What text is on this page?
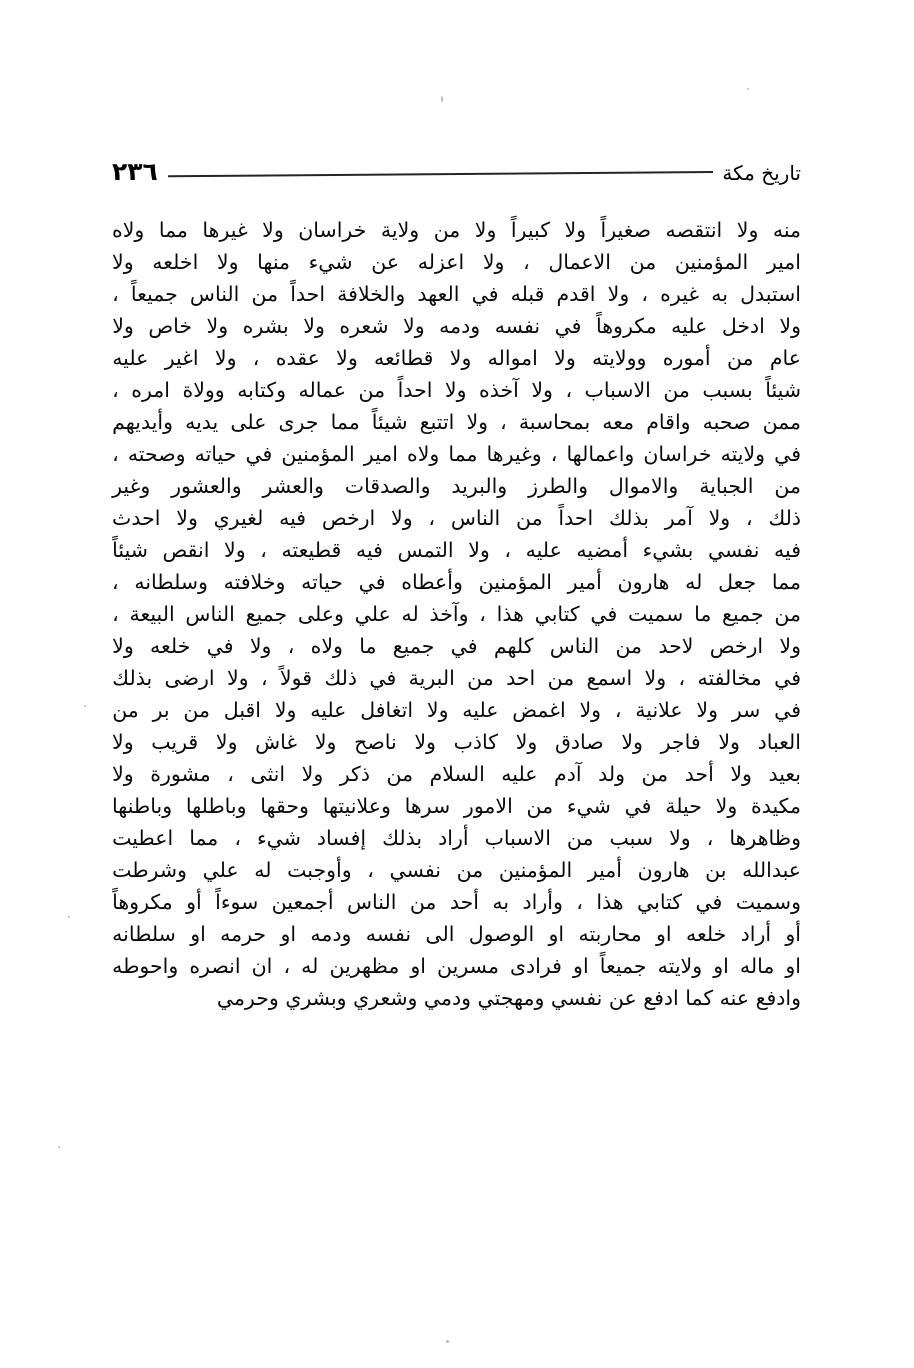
٢٣٦	تاريخ مكة
منه
ولا
انتقصه
صغيراً
ولا
كبيراً
ولا
من
ولاية
خراسان
ولا
غيرها
مما
ولاه
امير
المؤمنين
من
الاعمال
،
ولا
اعزله
عن
شيء
منها
ولا
اخلعه
ولا
استبدل
به
غيره
،
ولا
اقدم
قبله
في
العهد
والخلافة
احداً
من
الناس
جميعاً
،
ولا
ادخل
عليه
مكروهاً
في
نفسه
ودمه
ولا
شعره
ولا
بشره
ولا
خاص
ولا
عام
من
أموره
وولايته
ولا
امواله
ولا
قطائعه
ولا
عقده
،
ولا
اغير
عليه
شيئاً
بسبب
من
الاسباب
،
ولا
آخذه
ولا
احداً
من
عماله
وكتابه
وولاة
امره
،
ممن
صحبه
واقام
معه
بمحاسبة
،
ولا
اتتبع
شيئاً
مما
جرى
على
يديه
وأيديهم
في
ولايته
خراسان
واعمالها
،
وغيرها
مما
ولاه
امير
المؤمنين
في
حياته
وصحته
،
من
الجباية
والاموال
والطرز
والبريد
والصدقات
والعشر
والعشور
وغير
ذلك
،
ولا
آمر
بذلك
احداً
من
الناس
،
ولا
ارخص
فيه
لغيري
ولا
احدث
فيه
نفسي
بشيء
أمضيه
عليه
،
ولا
التمس
فيه
قطيعته
،
ولا
انقص
شيئاً
مما
جعل
له
هارون
أمير
المؤمنين
وأعطاه
في
حياته
وخلافته
وسلطانه
،
من
جميع
ما
سميت
في
كتابي
هذا
،
وآخذ
له
علي
وعلى
جميع
الناس
البيعة
،
ولا
ارخص
لاحد
من
الناس
كلهم
في
جميع
ما
ولاه
،
ولا
في
خلعه
ولا
في
مخالفته
،
ولا
اسمع
من
احد
من
البرية
في
ذلك
قولاً
،
ولا
ارضى
بذلك
في
سر
ولا
علانية
،
ولا
اغمض
عليه
ولا
اتغافل
عليه
ولا
اقبل
من
بر
من
العباد
ولا
فاجر
ولا
صادق
ولا
كاذب
ولا
ناصح
ولا
غاش
ولا
قريب
ولا
بعيد
ولا
أحد
من
ولد
آدم
عليه
السلام
من
ذكر
ولا
انثى
،
مشورة
ولا
مكيدة
ولا
حيلة
في
شيء
من
الامور
سرها
وعلانيتها
وحقها
وباطلها
وباطنها
وظاهرها
،
ولا
سبب
من
الاسباب
أراد
بذلك
إفساد
شيء
،
مما
اعطيت
عبدالله
بن
هارون
أمير
المؤمنين
من
نفسي
،
وأوجبت
له
علي
وشرطت
وسميت
في
كتابي
هذا
،
وأراد
به
أحد
من
الناس
أجمعين
سوءاً
أو
مكروهاً
أو
أراد
خلعه
او
محاربته
او
الوصول
الى
نفسه
ودمه
او
حرمه
او
سلطانه
او
ماله
او
ولايته
جميعاً
او
فرادى
مسرين
او
مظهرين
له
،
ان
انصره
واحوطه
وادفع عنه كما ادفع عن نفسي ومهجتي ودمي وشعري وبشري وحرمي
